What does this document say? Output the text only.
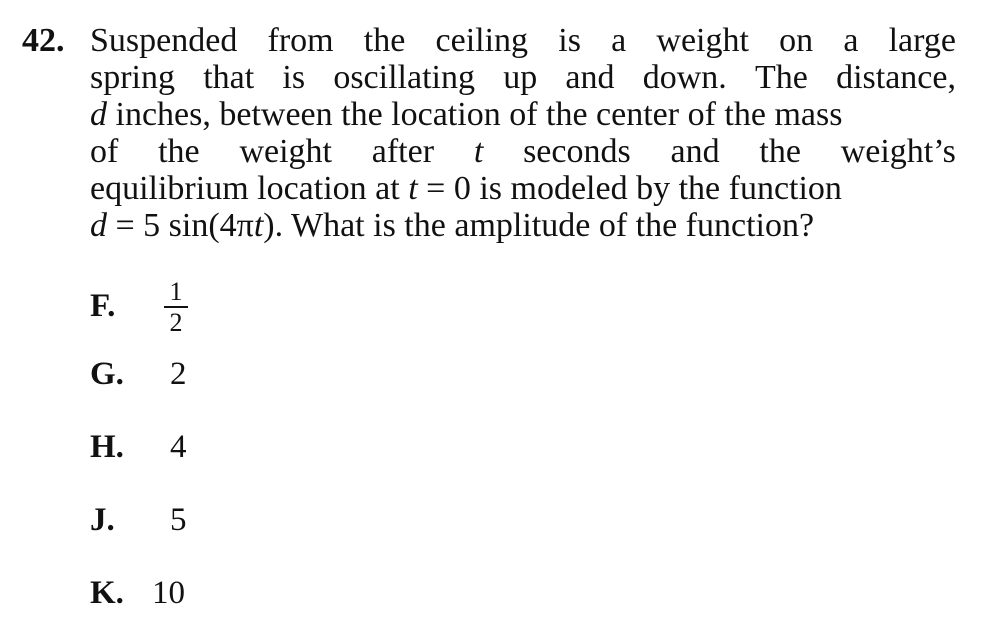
42. Suspended from the ceiling is a weight on a large
spring that is oscillating up and down. The distance,
d inches, between the location of the center of the mass
of the weight after t seconds and the weight’s
equilibrium location at t = 0 is modeled by the function
d = 5 sin(4πt). What is the amplitude of the function?
F. 1
2
G. 2
H. 4
J. 5
K. 10
